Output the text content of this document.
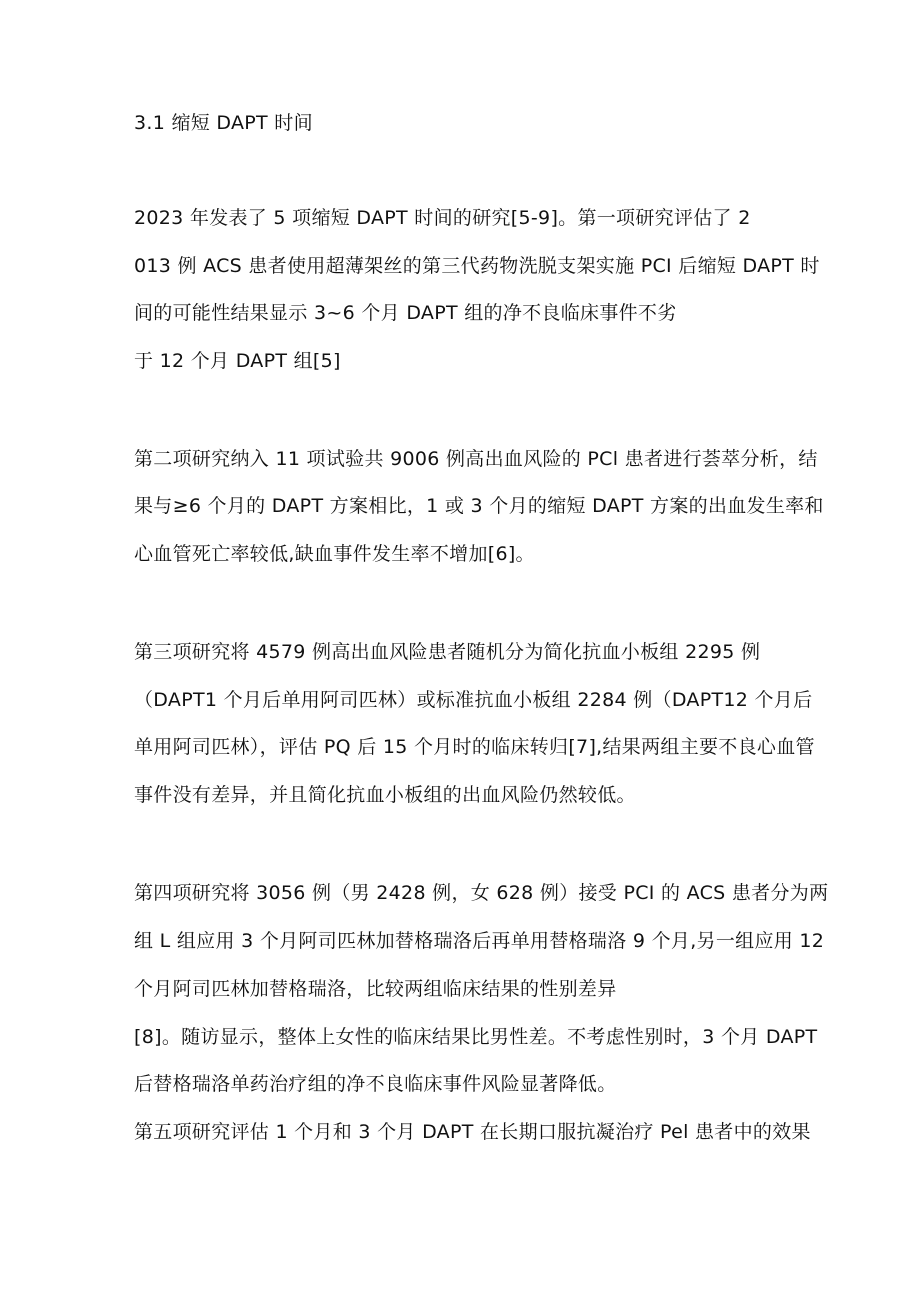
3.1 缩短 DAPT 时间
2023 年发表了 5 项缩短 DAPT 时间的研究[5-9]。第一项研究评估了 2
013 例 ACS 患者使用超薄架丝的第三代药物洗脱支架实施 PCI 后缩短 DAPT 时
间的可能性结果显示 3~6 个月 DAPT 组的净不良临床事件不劣
于 12 个月 DAPT 组[5]
第二项研究纳入 11 项试验共 9006 例高出血风险的 PCl 患者进行荟萃分析，结
果与≥6 个月的 DAPT 方案相比，1 或 3 个月的缩短 DAPT 方案的出血发生率和
心血管死亡率较低,缺血事件发生率不增加[6]。
第三项研究将 4579 例高出血风险患者随机分为简化抗血小板组 2295 例
（DAPT1 个月后单用阿司匹林）或标准抗血小板组 2284 例（DAPT12 个月后
单用阿司匹林），评估 PQ 后 15 个月时的临床转归[7],结果两组主要不良心血管
事件没有差异，并且简化抗血小板组的出血风险仍然较低。
第四项研究将 3056 例（男 2428 例，女 628 例）接受 PCI 的 ACS 患者分为两
组 L 组应用 3 个月阿司匹林加替格瑞洛后再单用替格瑞洛 9 个月,另一组应用 12
个月阿司匹林加替格瑞洛，比较两组临床结果的性别差异
[8]。随访显示，整体上女性的临床结果比男性差。不考虑性别时，3 个月 DAPT
后替格瑞洛单药治疗组的净不良临床事件风险显著降低。
第五项研究评估 1 个月和 3 个月 DAPT 在长期口服抗凝治疗 Pel 患者中的效果
